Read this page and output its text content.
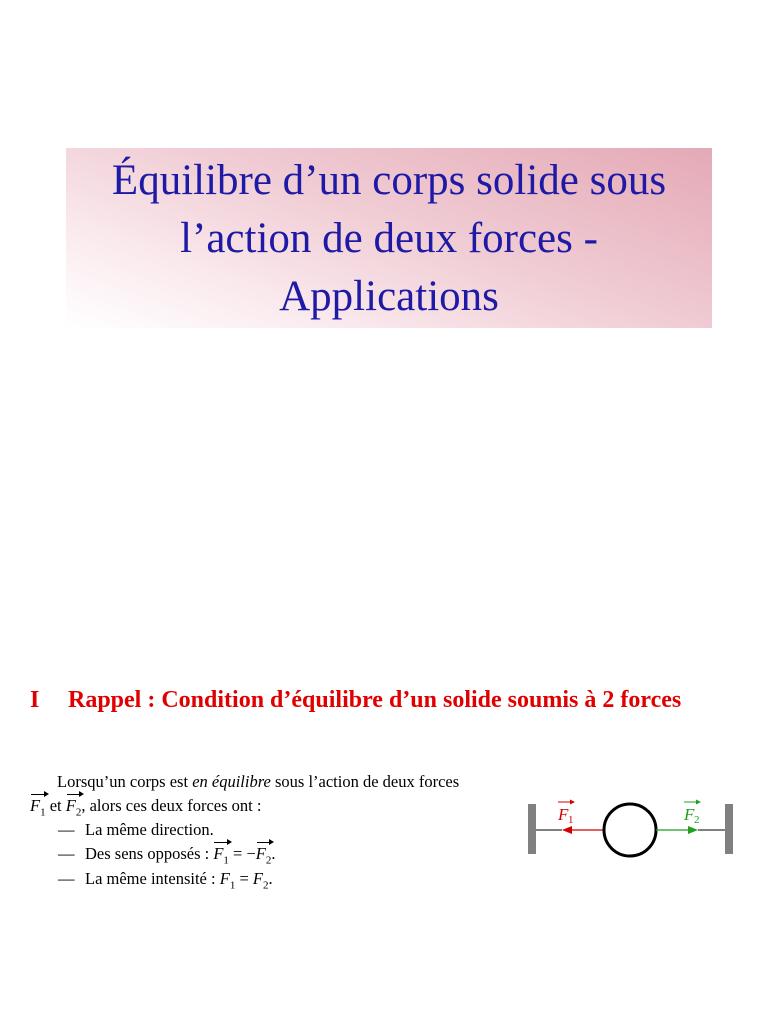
Équilibre d’un corps solide sous
l’action de deux forces -
Applications
I Rappel : Condition d’équilibre d’un solide soumis à 2 forces
Lorsqu’un corps est en équilibre sous l’action de deux forces
$F_1$ et $F_2$, alors ces deux forces ont :
— La même direction.
— Des sens opposés : $F_1 = -F_2$.
— La même intensité : $F_1 = F_2$.
F 1	F 2
